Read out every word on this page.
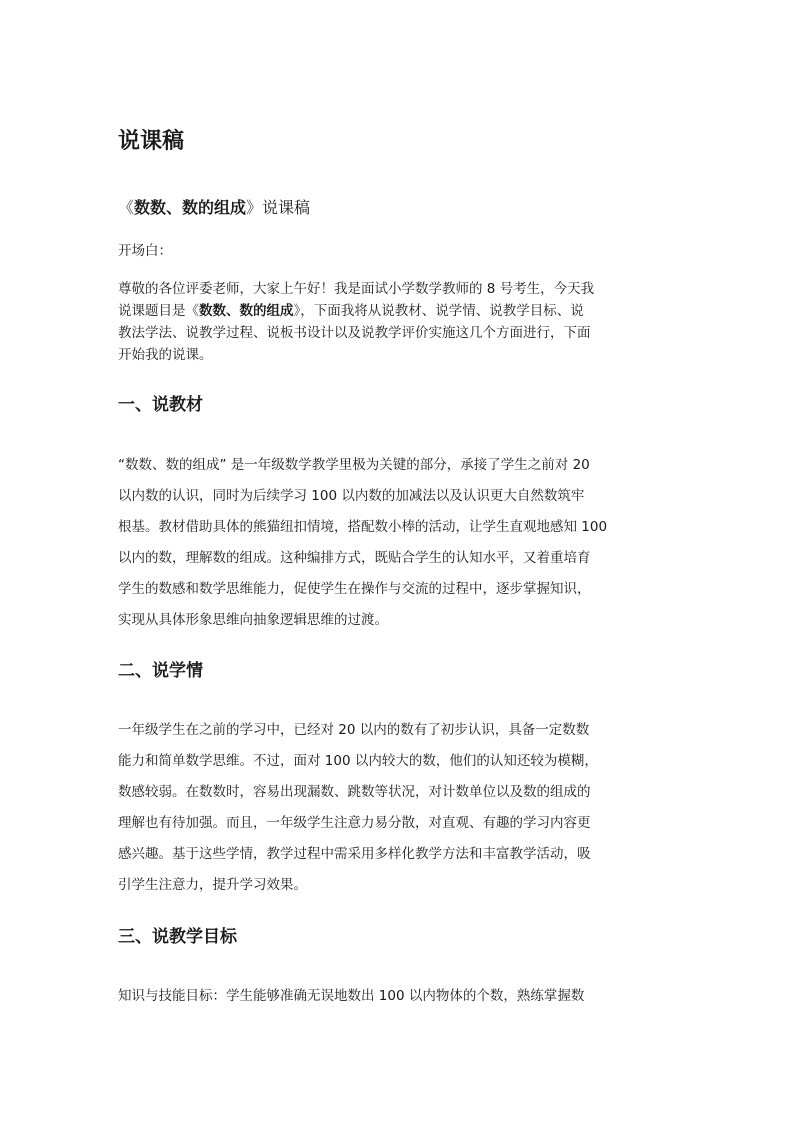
说课稿

《数数、数的组成》说课稿

开场白：

尊敬的各位评委老师，大家上午好！我是面试小学数学教师的 8 号考生，今天我
说课题目是《数数、数的组成》，下面我将从说教材、说学情、说教学目标、说
教法学法、说教学过程、说板书设计以及说教学评价实施这几个方面进行，下面
开始我的说课。
一、说教材
“数数、数的组成” 是一年级数学教学里极为关键的部分，承接了学生之前对 20
以内数的认识，同时为后续学习 100 以内数的加减法以及认识更大自然数筑牢
根基。教材借助具体的熊猫纽扣情境，搭配数小棒的活动，让学生直观地感知 100
以内的数，理解数的组成。这种编排方式，既贴合学生的认知水平，又着重培育
学生的数感和数学思维能力，促使学生在操作与交流的过程中，逐步掌握知识，
实现从具体形象思维向抽象逻辑思维的过渡。
二、说学情
一年级学生在之前的学习中，已经对 20 以内的数有了初步认识，具备一定数数
能力和简单数学思维。不过，面对 100 以内较大的数，他们的认知还较为模糊，
数感较弱。在数数时，容易出现漏数、跳数等状况，对计数单位以及数的组成的
理解也有待加强。而且，一年级学生注意力易分散，对直观、有趣的学习内容更
感兴趣。基于这些学情，教学过程中需采用多样化教学方法和丰富教学活动，吸
引学生注意力，提升学习效果。
三、说教学目标
知识与技能目标：学生能够准确无误地数出 100 以内物体的个数，熟练掌握数
